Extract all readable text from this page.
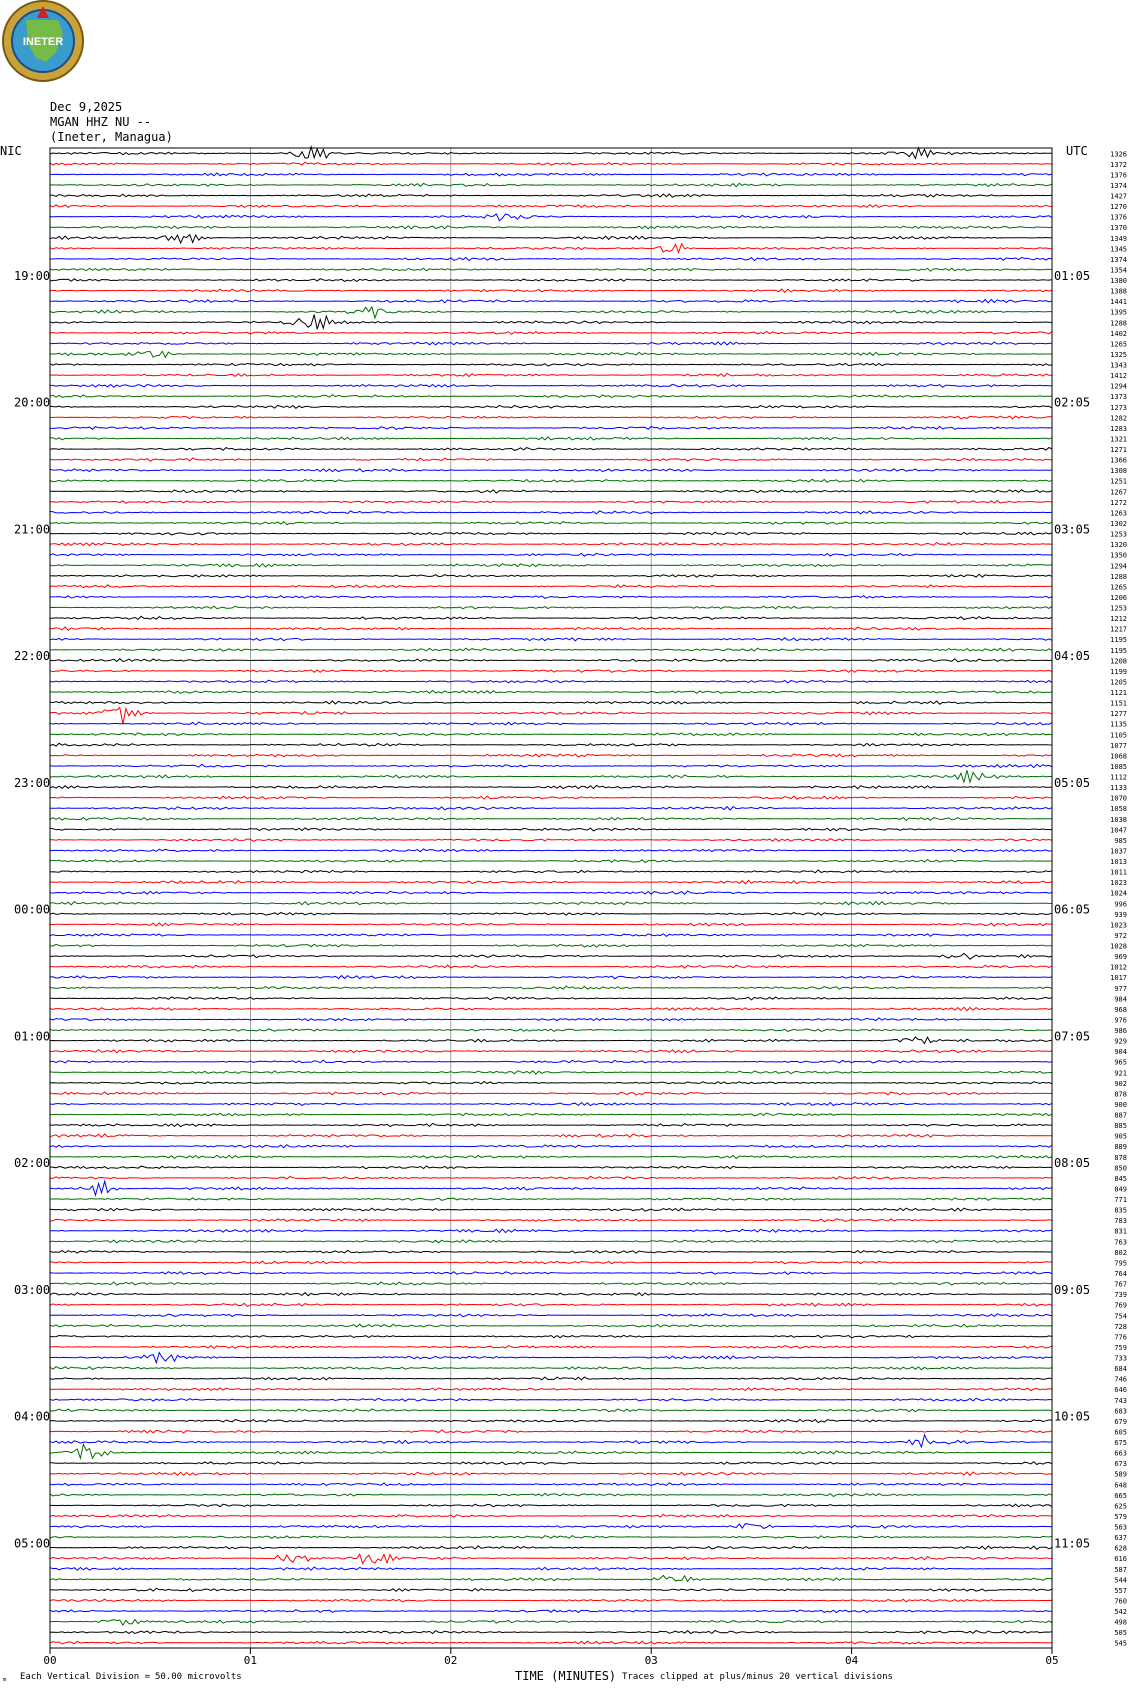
INETER
Dec 9,2025
MGAN HHZ NU --
(Ineter, Managua)
19:00
20:00
21:00
22:00
23:00
00:00
01:00
02:00
03:00
04:00
05:00
01:05
02:05
03:05
04:05
05:05
06:05
07:05
08:05
09:05
10:05
11:05
1326
1372
1376
1374
1427
1270
1376
1370
1349
1345
1374
1354
1380
1388
1441
1395
1288
1402
1265
1325
1343
1412
1294
1373
1273
1282
1283
1321
1271
1366
1308
1251
1267
1272
1263
1302
1253
1320
1350
1294
1288
1265
1206
1253
1212
1217
1195
1195
1208
1199
1205
1121
1151
1277
1135
1105
1077
1068
1085
1112
1133
1070
1058
1038
1047
985
1037
1013
1011
1023
1024
996
939
1023
972
1028
969
1012
1017
977
984
968
976
986
929
904
965
921
902
878
900
887
885
905
889
878
850
845
849
771
835
783
831
763
802
795
764
767
739
769
754
728
776
759
733
684
746
646
743
683
679
605
675
663
673
589
648
665
625
579
563
637
628
616
587
544
557
760
542
498
505
545
00	01	02	03	04	05
NIC	UTC
TIME (MINUTES)
ₘ Each Vertical Division = 50.00 microvolts	Traces clipped at plus/minus 20 vertical divisions
